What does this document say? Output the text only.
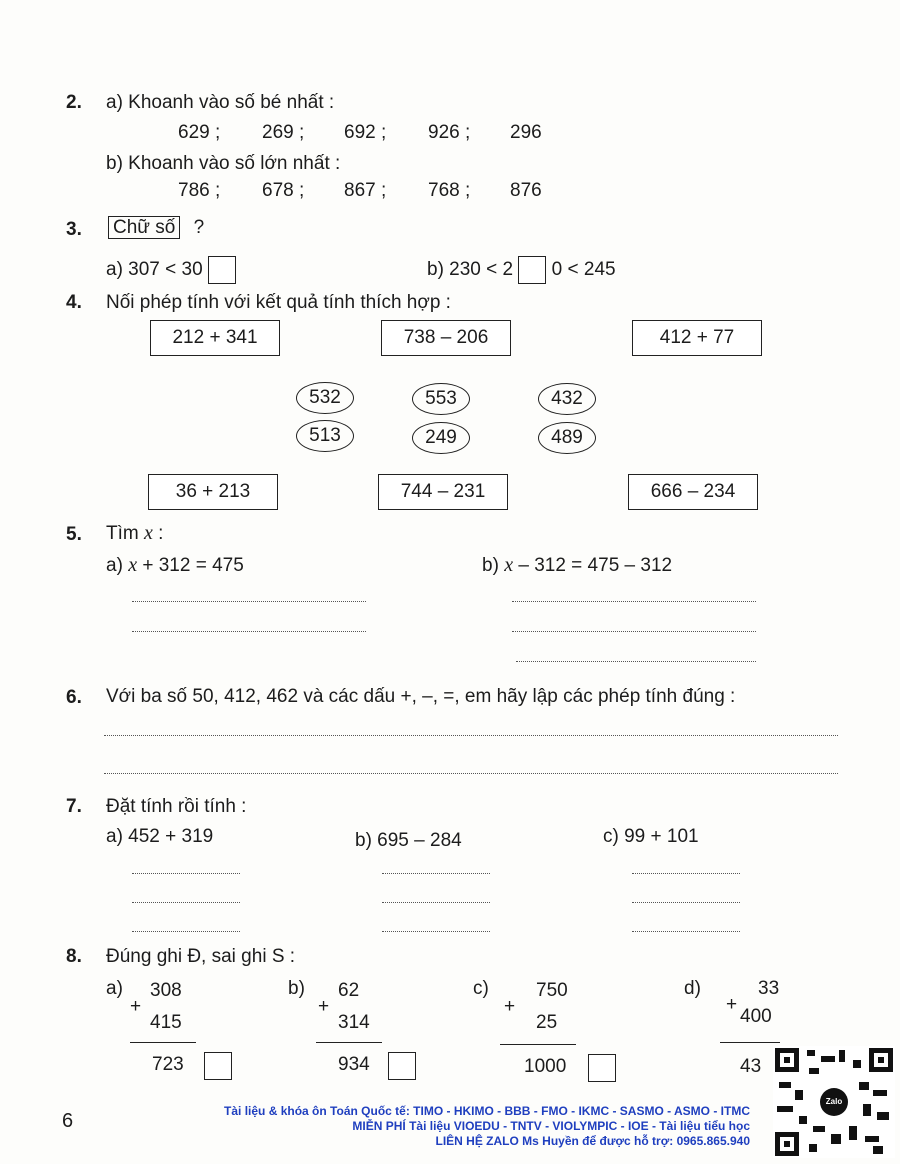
2. a) Khoanh vào số bé nhất :
629 ; 269 ; 692 ; 926 ; 296
b) Khoanh vào số lớn nhất :
786 ; 678 ; 867 ; 768 ; 876
3. Chữ số ?
a) 307 < 30	b) 230 < 2 0 < 245
4. Nối phép tính với kết quả tính thích hợp :
212 + 341	738 – 206	412 + 77
532	553	432
513	249	489
36 + 213	744 – 231	666 – 234
5. Tìm x :
a) x + 312 = 475	b) x – 312 = 475 – 312
6. Với ba số 50, 412, 462 và các dấu +, –, =, em hãy lập các phép tính đúng :
7. Đặt tính rồi tính :
a) 452 + 319	b) 695 – 284	c) 99 + 101
8. Đúng ghi Đ, sai ghi S :
a) 308
+
415
723
b) 62
+
314
934
c) 750
+
25
1000
d)	33
+
400
43
6	Tài liệu & khóa ôn Toán Quốc tế: TIMO - HKIMO - BBB - FMO - IKMC - SASMO - ASMO - ITMC
MIỄN PHÍ Tài liệu VIOEDU - TNTV - VIOLYMPIC - IOE - Tài liệu tiểu học
LIÊN HỆ ZALO Ms Huyền để được hỗ trợ: 0965.865.940
Zalo
